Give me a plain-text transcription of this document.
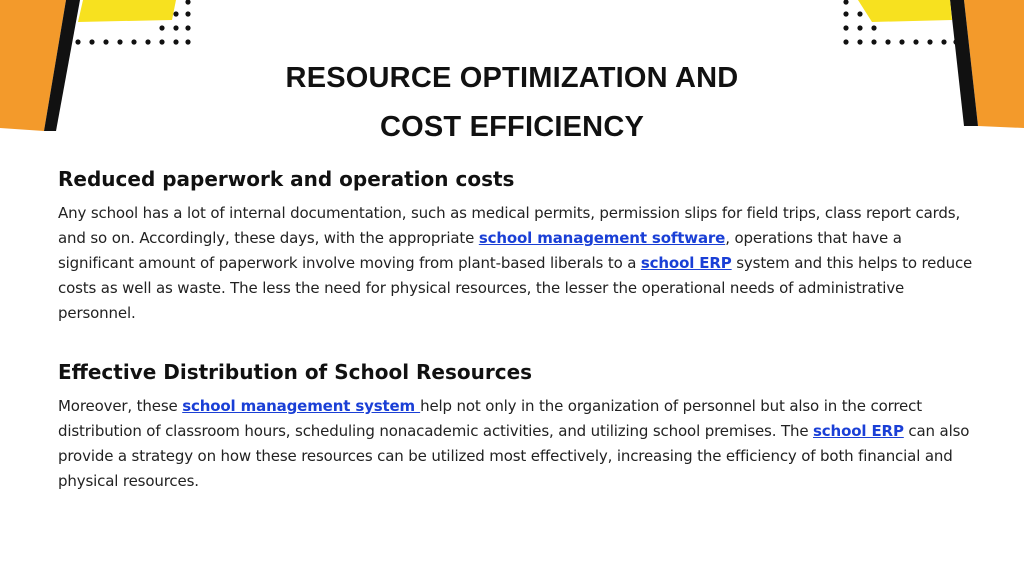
RESOURCE OPTIMIZATION AND
COST EFFICIENCY
Reduced paperwork and operation costs

Any school has a lot of internal documentation, such as medical permits, permission slips for field trips, class report cards, and so on. Accordingly, these days, with the appropriate school management software, operations that have a significant amount of paperwork involve moving from plant-based liberals to a school ERP system and this helps to reduce costs as well as waste. The less the need for physical resources, the lesser the operational needs of administrative personnel.

Effective Distribution of School Resources

Moreover, these school management system help not only in the organization of personnel but also in the correct distribution of classroom hours, scheduling nonacademic activities, and utilizing school premises. The school ERP can also provide a strategy on how these resources can be utilized most effectively, increasing the efficiency of both financial and physical resources.
